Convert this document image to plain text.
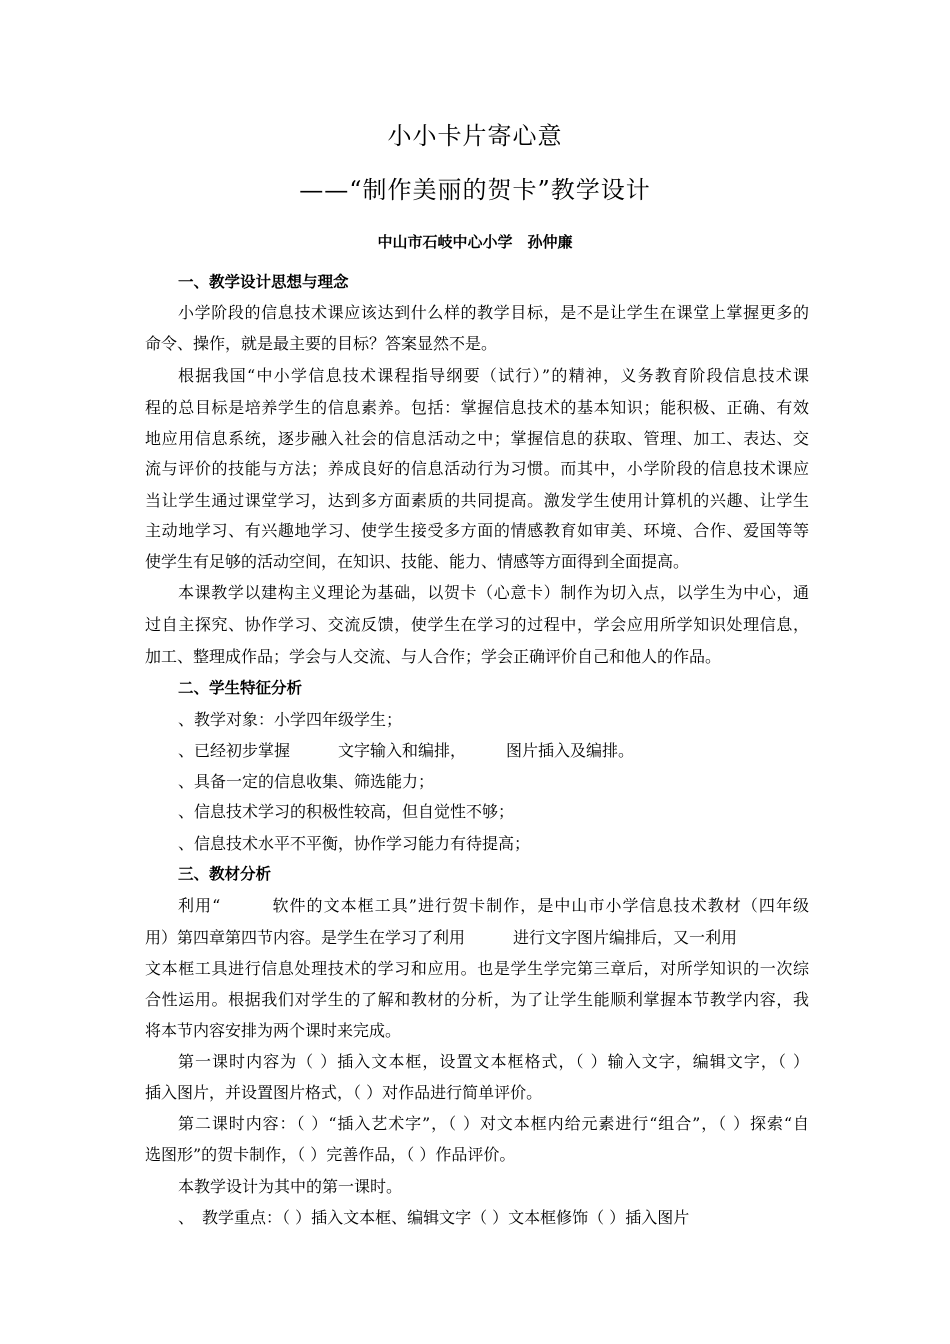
小小卡片寄心意
——“制作美丽的贺卡”教学设计
中山市石岐中心小学　孙仲廉
一、教学设计思想与理念
小学阶段的信息技术课应该达到什么样的教学目标，是不是让学生在课堂上掌握更多的
命令、操作，就是最主要的目标？答案显然不是。
根据我国“中小学信息技术课程指导纲要（试行）”的精神，义务教育阶段信息技术课
程的总目标是培养学生的信息素养。包括：掌握信息技术的基本知识；能积极、正确、有效
地应用信息系统，逐步融入社会的信息活动之中；掌握信息的获取、管理、加工、表达、交
流与评价的技能与方法；养成良好的信息活动行为习惯。而其中，小学阶段的信息技术课应
当让学生通过课堂学习，达到多方面素质的共同提高。激发学生使用计算机的兴趣、让学生
主动地学习、有兴趣地学习、使学生接受多方面的情感教育如审美、环境、合作、爱国等等
使学生有足够的活动空间，在知识、技能、能力、情感等方面得到全面提高。
本课教学以建构主义理论为基础，以贺卡（心意卡）制作为切入点，以学生为中心，通
过自主探究、协作学习、交流反馈，使学生在学习的过程中，学会应用所学知识处理信息，
加工、整理成作品；学会与人交流、与人合作；学会正确评价自己和他人的作品。
二、学生特征分析
、教学对象：小学四年级学生；
、已经初步掌握　　　文字输入和编排，　　　图片插入及编排。
、具备一定的信息收集、筛选能力；
、信息技术学习的积极性较高，但自觉性不够；
、信息技术水平不平衡，协作学习能力有待提高；
三、教材分析
利用“　　　软件的文本框工具”进行贺卡制作，是中山市小学信息技术教材（四年级
用）第四章第四节内容。是学生在学习了利用　　　进行文字图片编排后，又一利用
文本框工具进行信息处理技术的学习和应用。也是学生学完第三章后，对所学知识的一次综
合性运用。根据我们对学生的了解和教材的分析，为了让学生能顺利掌握本节教学内容，我
将本节内容安排为两个课时来完成。
第一课时内容为（ ）插入文本框，设置文本框格式，（ ）输入文字，编辑文字，（ ）
插入图片，并设置图片格式，（ ）对作品进行简单评价。
第二课时内容：（ ）“插入艺术字”，（ ）对文本框内给元素进行“组合”，（ ）探索“自
选图形”的贺卡制作，（ ）完善作品，（ ）作品评价。
本教学设计为其中的第一课时。
、　教学重点：（ ）插入文本框、编辑文字（ ）文本框修饰（ ）插入图片
